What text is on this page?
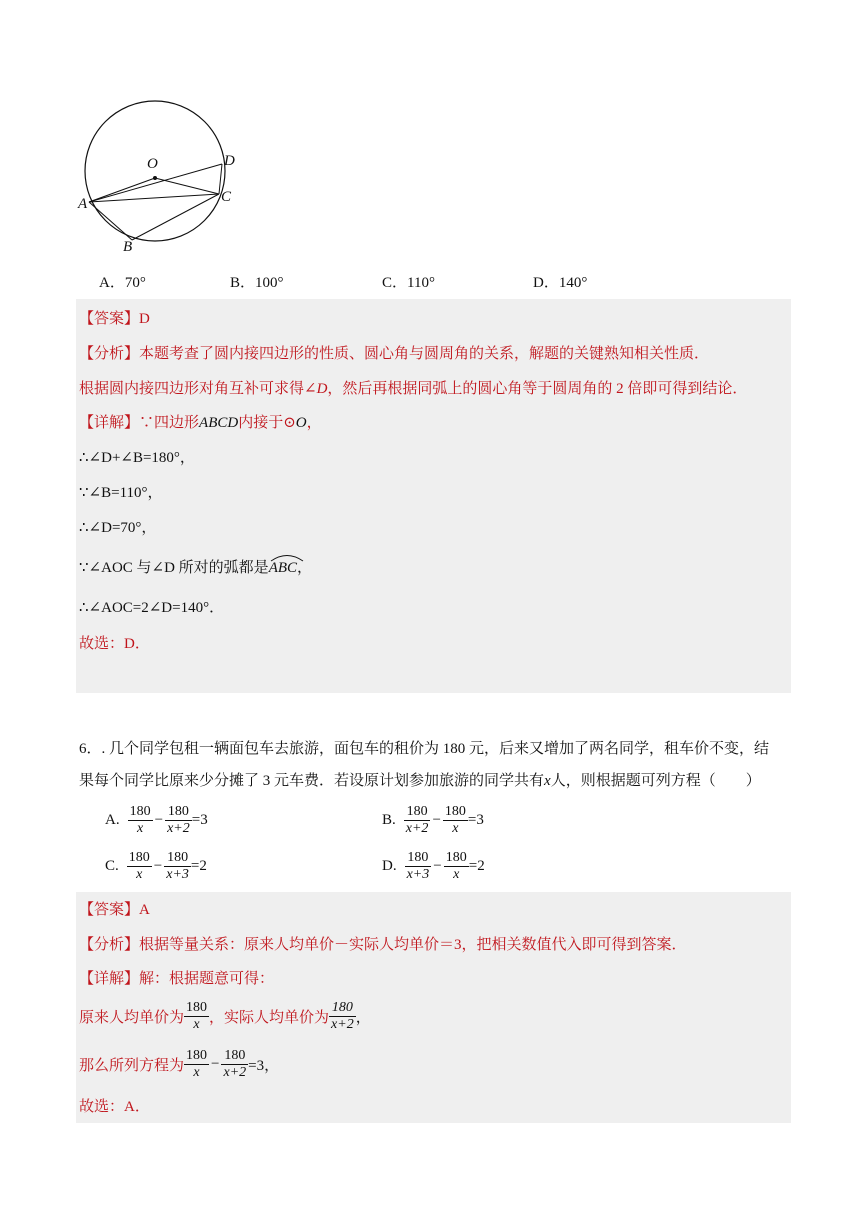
O	D
A	C
B
A．70°	B．100°	C．110°	D．140°
【答案】D
【分析】本题考查了圆内接四边形的性质、圆心角与圆周角的关系，解题的关键熟知相关性质．
根据圆内接四边形对角互补可求得∠D，然后再根据同弧上的圆心角等于圆周角的 2 倍即可得到结论．
【详解】∵四边形ABCD内接于⊙O，
∴∠D+∠B=180°，
∵∠B=110°，
∴∠D=70°，
∵∠AOC 与∠D 所对的弧都是
ABC，
∴∠AOC=2∠D=140°．
故选：D．
6．. 几个同学包租一辆面包车去旅游，面包车的租价为 180 元，后来又增加了两名同学，租车价不变，结
果每个同学比原来少分摊了 3 元车费．若设原计划参加旅游的同学共有x人，则根据题可列方程（　　）
A. $\frac{180}{x} - \frac{180}{x+2} =3$	B. $\frac{180}{x+2} - \frac{180}{x} =3$
C. $\frac{180}{x} - \frac{180}{x+3} =2$	D. $\frac{180}{x+3} - \frac{180}{x} =2$
【答案】A
【分析】根据等量关系：原来人均单价－实际人均单价＝3，把相关数值代入即可得到答案．
【详解】解：根据题意可得：
原来人均单价为 $\frac{180}{x}$ ，实际人均单价为 $\frac{180}{x+2}$ ，
那么所列方程为 $\frac{180}{x} - \frac{180}{x+2} =3$，
故选：A．
